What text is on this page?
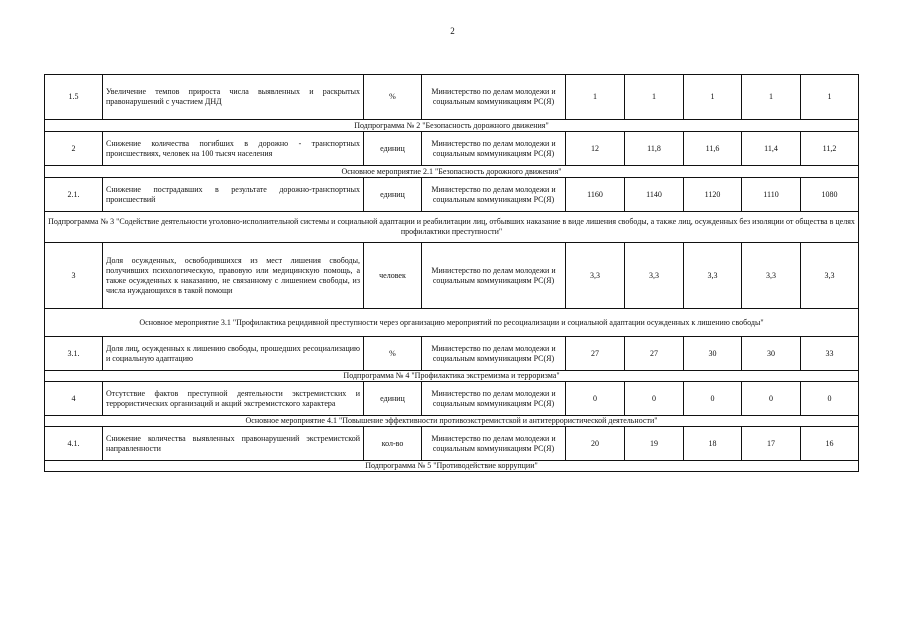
2
1.5	Увеличение темпов прироста числа выявленных и раскрытых правонарушений с участием ДНД	%	Министерство по делам молодежи и социальным коммуникациям РС(Я)	1	1	1	1	1
Подпрограмма № 2 "Безопасность дорожного движения"								
2	Снижение количества погибших в дорожно - транспортных происшествиях, человек на 100 тысяч населения	единиц	Министерство по делам молодежи и социальным коммуникациям РС(Я)	12	11,8	11,6	11,4	11,2
Основное мероприятие 2.1 "Безопасность дорожного движения"								
2.1.	Снижение пострадавших в результате дорожно-транспортных происшествий	единиц	Министерство по делам молодежи и социальным коммуникациям РС(Я)	1160	1140	1120	1110	1080
Подпрограмма № 3 "Содействие деятельности уголовно-исполнительной системы и социальной адаптации и реабилитации лиц, отбывших наказание в виде лишения свободы, а также лиц, осужденных без изоляции от общества в целях профилактики преступности"								
3	Доля осужденных, освободившихся из мест лишения свободы, получивших психологическую, правовую или медицинскую помощь, а также осужденных к наказанию, не связанному с лишением свободы, из числа нуждающихся в такой помощи	человек	Министерство по делам молодежи и социальным коммуникациям РС(Я)	3,3	3,3	3,3	3,3	3,3
Основное мероприятие 3.1 "Профилактика рецидивной преступности через организацию мероприятий по ресоциализации и социальной адаптации осужденных к лишению свободы"								
3.1.	Доля лиц, осужденных к лишению свободы, прошедших ресоциализацию и социальную адаптацию	%	Министерство по делам молодежи и социальным коммуникациям РС(Я)	27	27	30	30	33
Подпрограмма № 4 "Профилактика экстремизма и терроризма"								
4	Отсутствие фактов преступной деятельности экстремистских и террористических организаций и акций экстремистского характера	единиц	Министерство по делам молодежи и социальным коммуникациям РС(Я)	0	0	0	0	0
Основное мероприятие 4.1 "Повышение эффективности противоэкстремистской и антитеррористической деятельности"								
4.1.	Снижение количества выявленных правонарушений экстремистской направленности	кол-во	Министерство по делам молодежи и социальным коммуникациям РС(Я)	20	19	18	17	16
Подпрограмма № 5 "Противодействие коррупции"								
